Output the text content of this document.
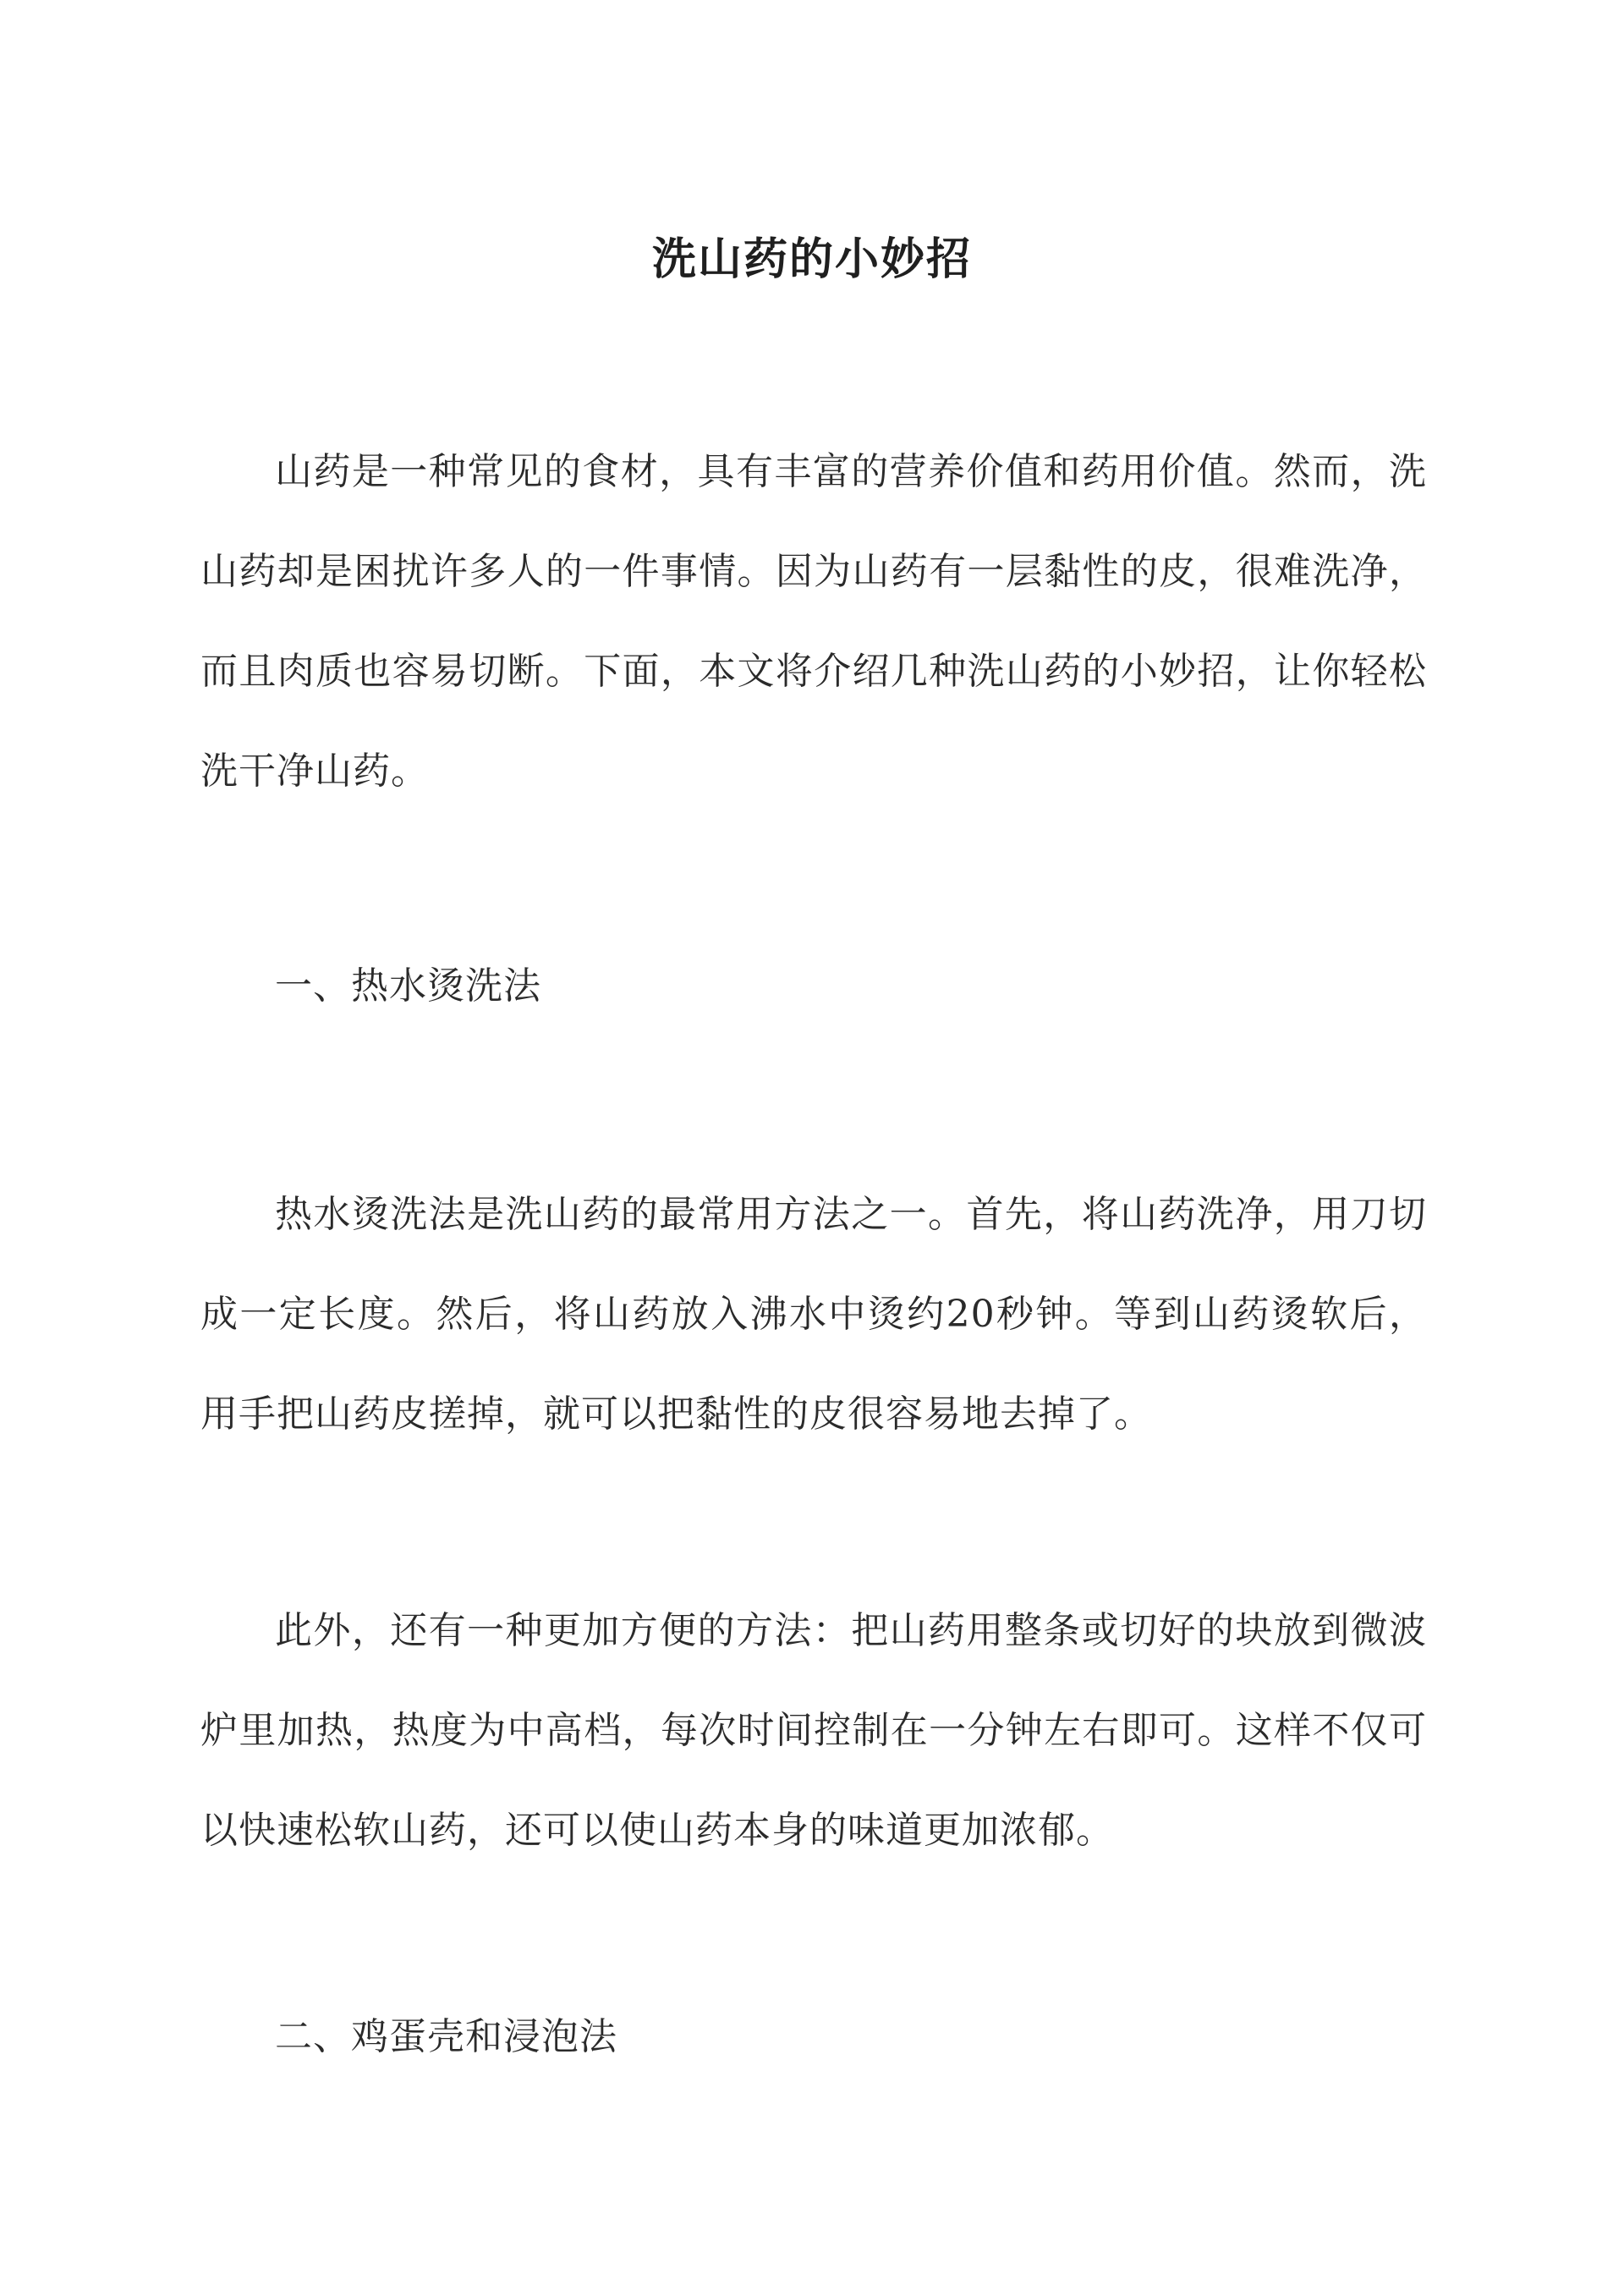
洗山药的小妙招

山药是一种常见的食材，具有丰富的营养价值和药用价值。然而，洗山药却是困扰许多人的一件事情。因为山药有一层黏性的皮，很难洗净，而且肉质也容易切断。下面，本文将介绍几种洗山药的小妙招，让你轻松洗干净山药。

一、热水烫洗法

热水烫洗法是洗山药的最常用方法之一。首先，将山药洗净，用刀切成一定长度。然后，将山药放入沸水中烫约20秒钟。等到山药烫软后，用手把山药皮搓掉，就可以把黏性的皮很容易地去掉了。

此外，还有一种更加方便的方法：把山药用整条或切好的块放到微波炉里加热，热度为中高档，每次时间控制在一分钟左右即可。这样不仅可以快速松软山药，还可以使山药本身的味道更加浓郁。

二、鸡蛋壳和浸泡法
